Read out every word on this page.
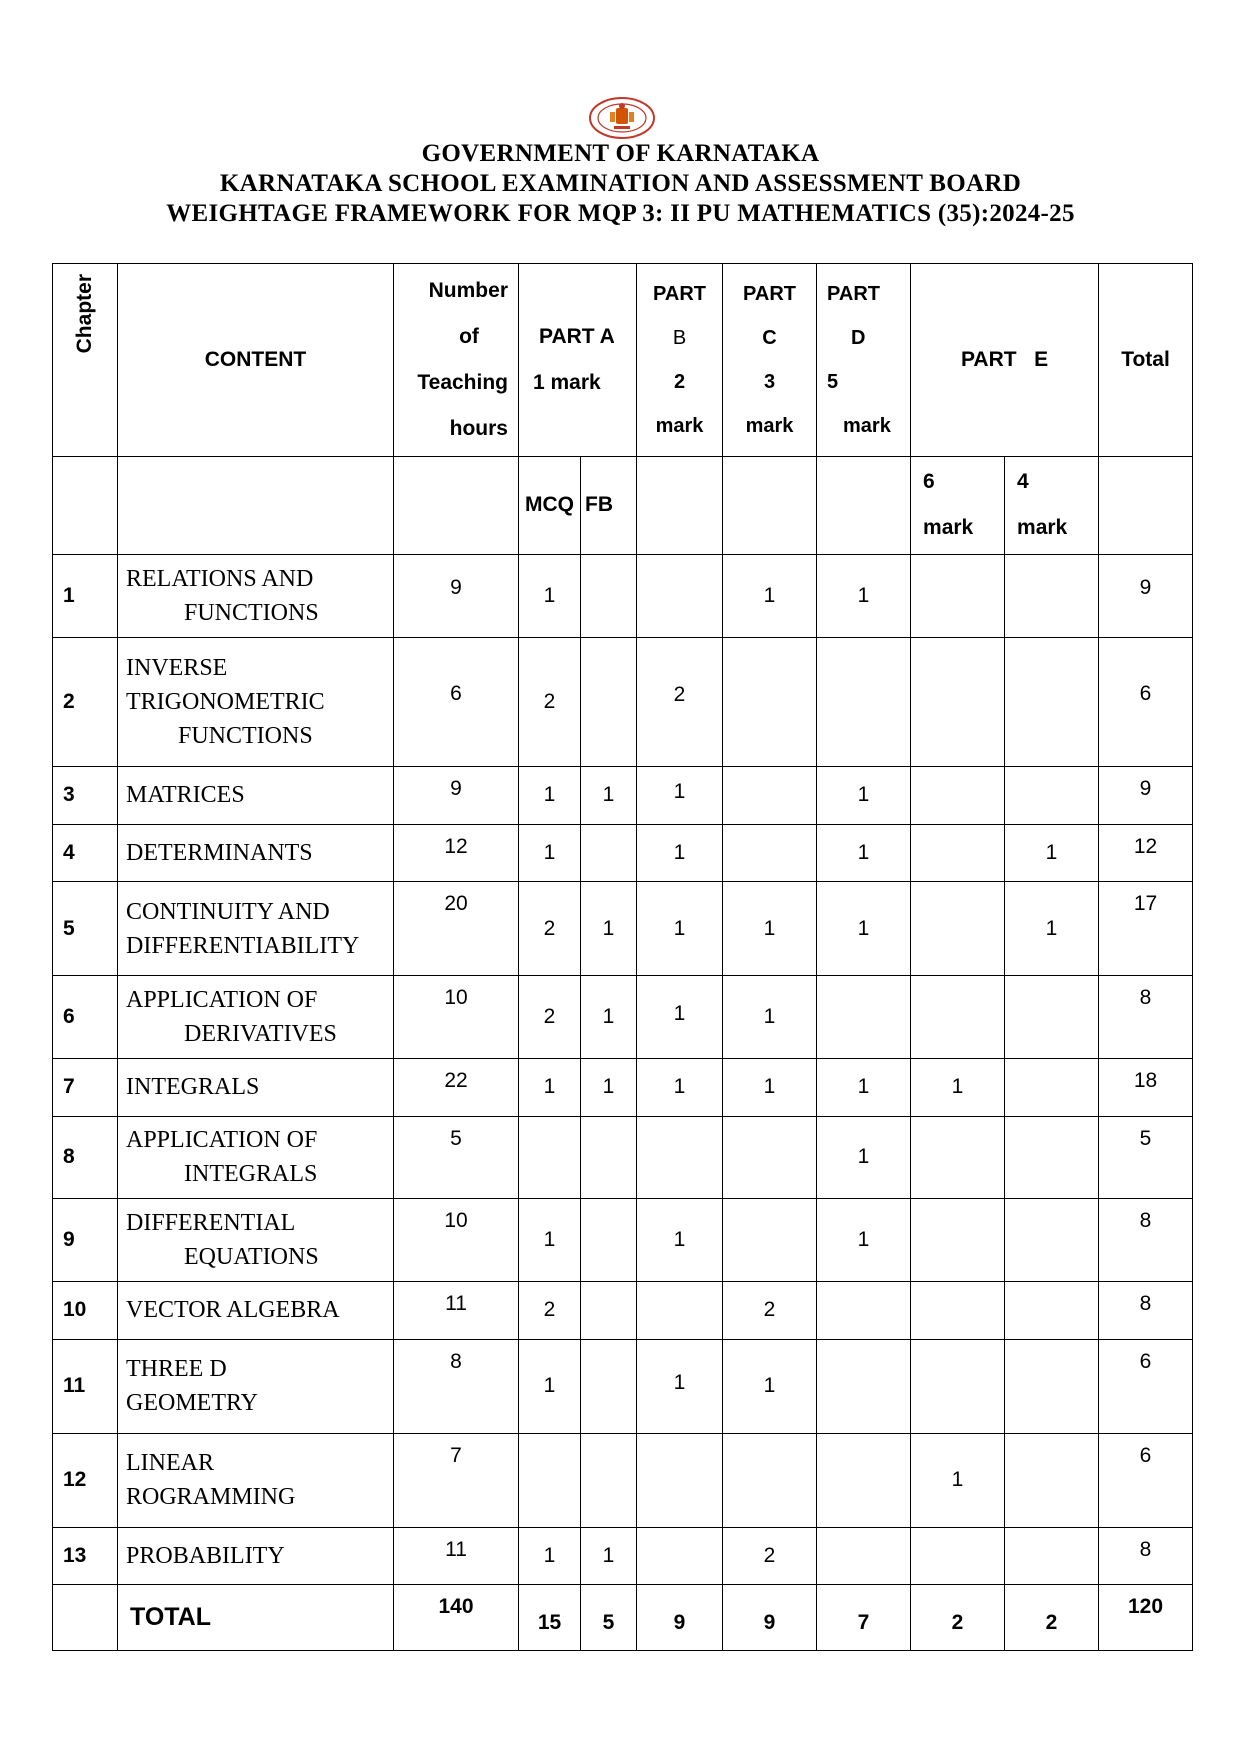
GOVERNMENT OF KARNATAKA
KARNATAKA SCHOOL EXAMINATION AND ASSESSMENT BOARD
WEIGHTAGE FRAMEWORK FOR MQP 3: II PU MATHEMATICS (35):2024-25
Chapter	CONTENT	Number
of
Teaching
hours	PART A
1 mark		PART
B
2
mark	PART
C
3
mark	PART
D
5
mark	PART   E		Total
			MCQ	FB				6
mark	4
mark	

1	RELATIONS AND
FUNCTIONS	9	1			1	1			9
2	INVERSE
TRIGONOMETRIC
FUNCTIONS	6	2		2					6
3	MATRICES	9	1	1	1		1			9
4	DETERMINANTS	12	1		1		1		1	12
5	CONTINUITY AND
DIFFERENTIABILITY	20	2	1	1	1	1		1	17
6	APPLICATION OF
DERIVATIVES	10	2	1	1	1				8
7	INTEGRALS	22	1	1	1	1	1	1		18
8	APPLICATION OF
INTEGRALS	5					1			5
9	DIFFERENTIAL
EQUATIONS	10	1		1		1			8
10	VECTOR ALGEBRA	11	2			2				8
11	THREE D
GEOMETRY	8	1		1	1				6
12	LINEAR
ROGRAMMING	7						1		6
13	PROBABILITY	11	1	1		2				8
	TOTAL	140	15	5	9	9	7	2	2	120
